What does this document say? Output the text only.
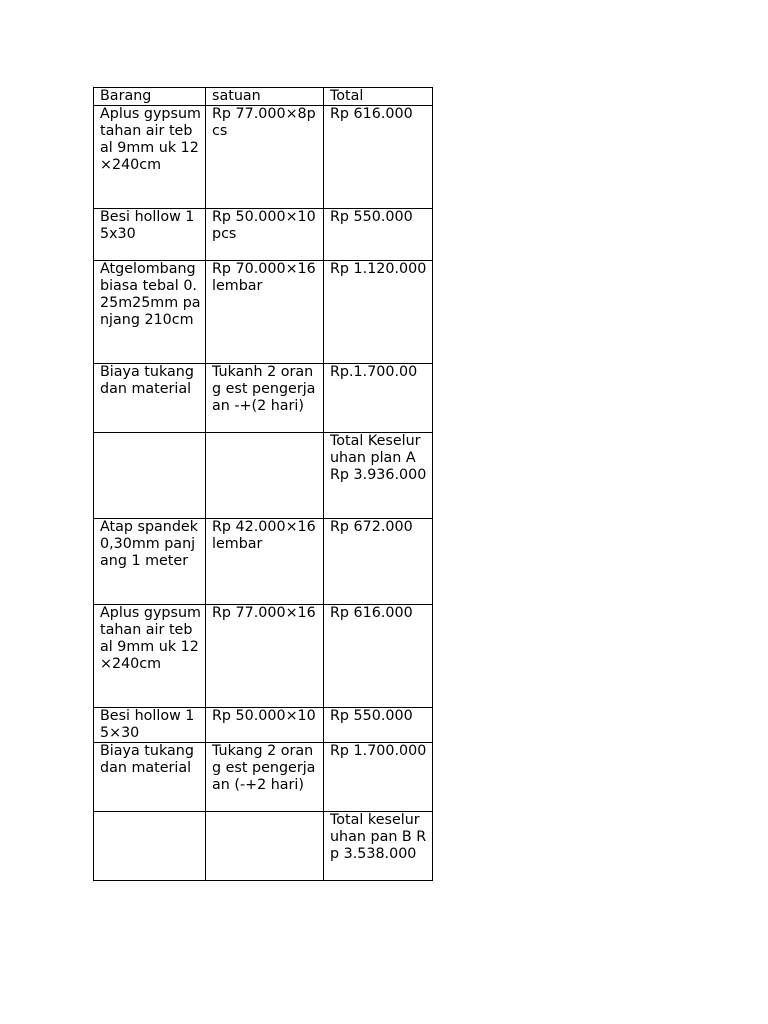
Barang	satuan	Total
Aplus gypsum tahan air tebal 9mm uk 12×240cm	Rp 77.000×8pcs	Rp 616.000
Besi hollow 15x30	Rp 50.000×10pcs	Rp 550.000
Atgelombang biasa tebal 0.25m25mm panjang 210cm	Rp 70.000×16 lembar	Rp 1.120.000
Biaya tukang dan material	Tukanh 2 orang est pengerjaan -+(2 hari)	Rp.1.700.00
		Total Keseluruhan plan A Rp 3.936.000
Atap spandek 0,30mm panjang 1 meter	Rp 42.000×16 lembar	Rp 672.000
Aplus gypsum tahan air tebal 9mm uk 12×240cm	Rp 77.000×16	Rp 616.000
Besi hollow 15×30	Rp 50.000×10	Rp 550.000
Biaya tukang dan material	Tukang 2 orang est pengerjaan (-+2 hari)	Rp 1.700.000
		Total keseluruhan pan B Rp 3.538.000
